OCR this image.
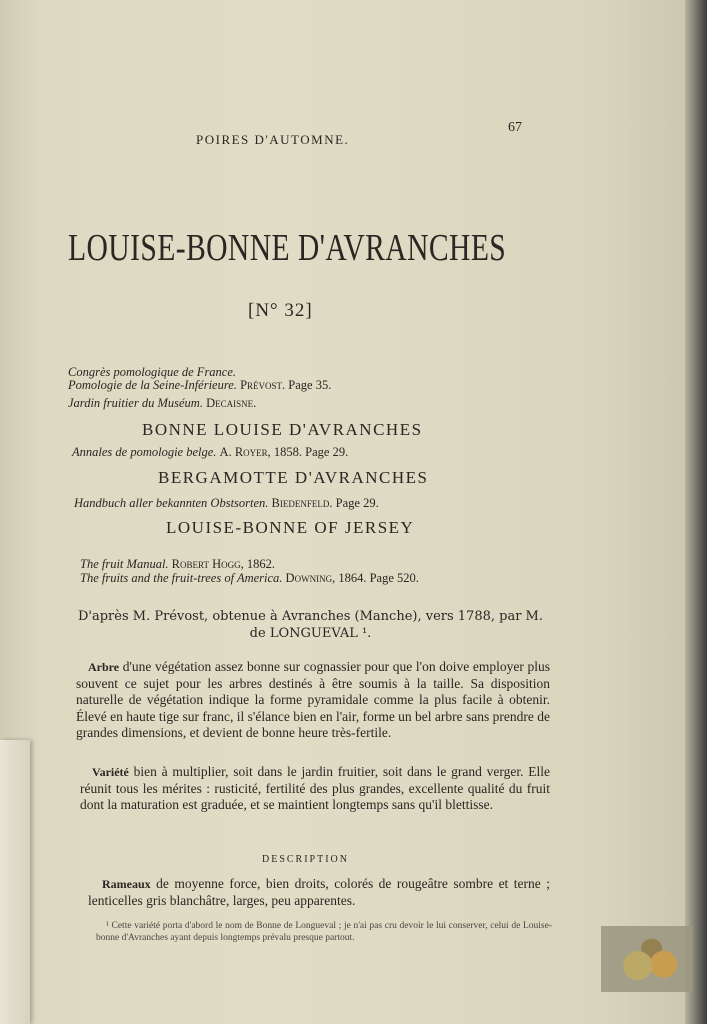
POIRES D'AUTOMNE.

67

LOUISE-BONNE D'AVRANCHES

[N° 32]

Congrès pomologique de France.

Pomologie de la Seine-Inférieure. Prévost. Page 35.

Jardin fruitier du Muséum. Decaisne.

BONNE LOUISE D'AVRANCHES

Annales de pomologie belge. A. Royer, 1858. Page 29.

BERGAMOTTE D'AVRANCHES

Handbuch aller bekannten Obstsorten. Biedenfeld. Page 29.

LOUISE-BONNE OF JERSEY

The fruit Manual. Robert Hogg, 1862.

The fruits and the fruit-trees of America. Downing, 1864. Page 520.

D'après M. Prévost, obtenue à Avranches (Manche), vers 1788, par M. de LONGUEVAL ¹.

Arbre d'une végétation assez bonne sur cognassier pour que l'on doive employer plus souvent ce sujet pour les arbres destinés à être soumis à la taille. Sa disposition naturelle de végétation indique la forme pyramidale comme la plus facile à obtenir. Élevé en haute tige sur franc, il s'élance bien en l'air, forme un bel arbre sans prendre de grandes dimensions, et devient de bonne heure très-fertile.

Variété bien à multiplier, soit dans le jardin fruitier, soit dans le grand verger. Elle réunit tous les mérites : rusticité, fertilité des plus grandes, excellente qualité du fruit dont la maturation est graduée, et se maintient longtemps sans qu'il blettisse.

DESCRIPTION

Rameaux de moyenne force, bien droits, colorés de rougeâtre sombre et terne ; lenticelles gris blanchâtre, larges, peu apparentes.

¹ Cette variété porta d'abord le nom de Bonne de Longueval ; je n'ai pas cru devoir le lui conserver, celui de Louise-bonne d'Avranches ayant depuis longtemps prévalu presque partout.
